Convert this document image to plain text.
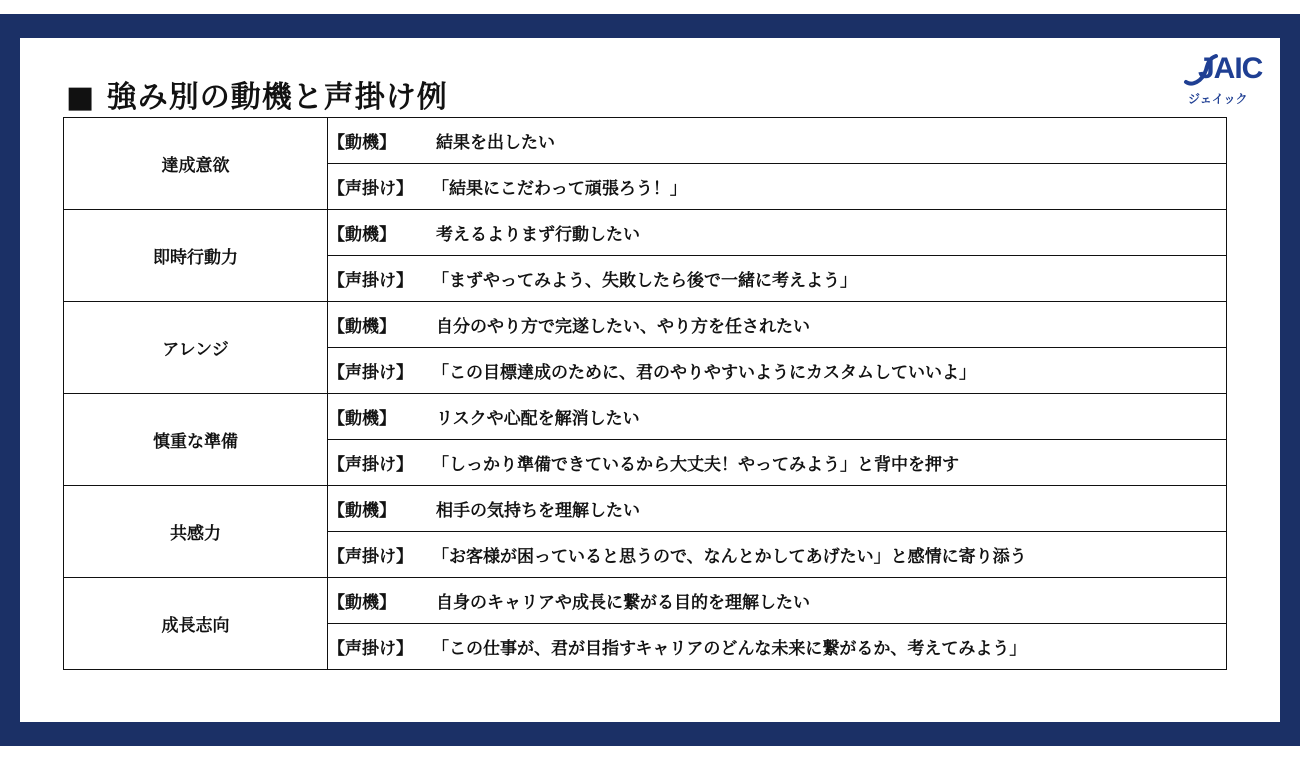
■ 強み別の動機と声掛け例
JAIC
ジェイック
達成意欲	【動機】 結果を出したい
	【声掛け】 「結果にこだわって頑張ろう！」
即時行動力	【動機】 考えるよりまず行動したい
	【声掛け】 「まずやってみよう、失敗したら後で一緒に考えよう」
アレンジ	【動機】 自分のやり方で完遂したい、やり方を任されたい
	【声掛け】 「この目標達成のために、君のやりやすいようにカスタムしていいよ」
慎重な準備	【動機】 リスクや心配を解消したい
	【声掛け】 「しっかり準備できているから大丈夫！やってみよう」と背中を押す
共感力	【動機】 相手の気持ちを理解したい
	【声掛け】 「お客様が困っていると思うので、なんとかしてあげたい」と感情に寄り添う
成長志向	【動機】 自身のキャリアや成長に繋がる目的を理解したい
	【声掛け】 「この仕事が、君が目指すキャリアのどんな未来に繋がるか、考えてみよう」
